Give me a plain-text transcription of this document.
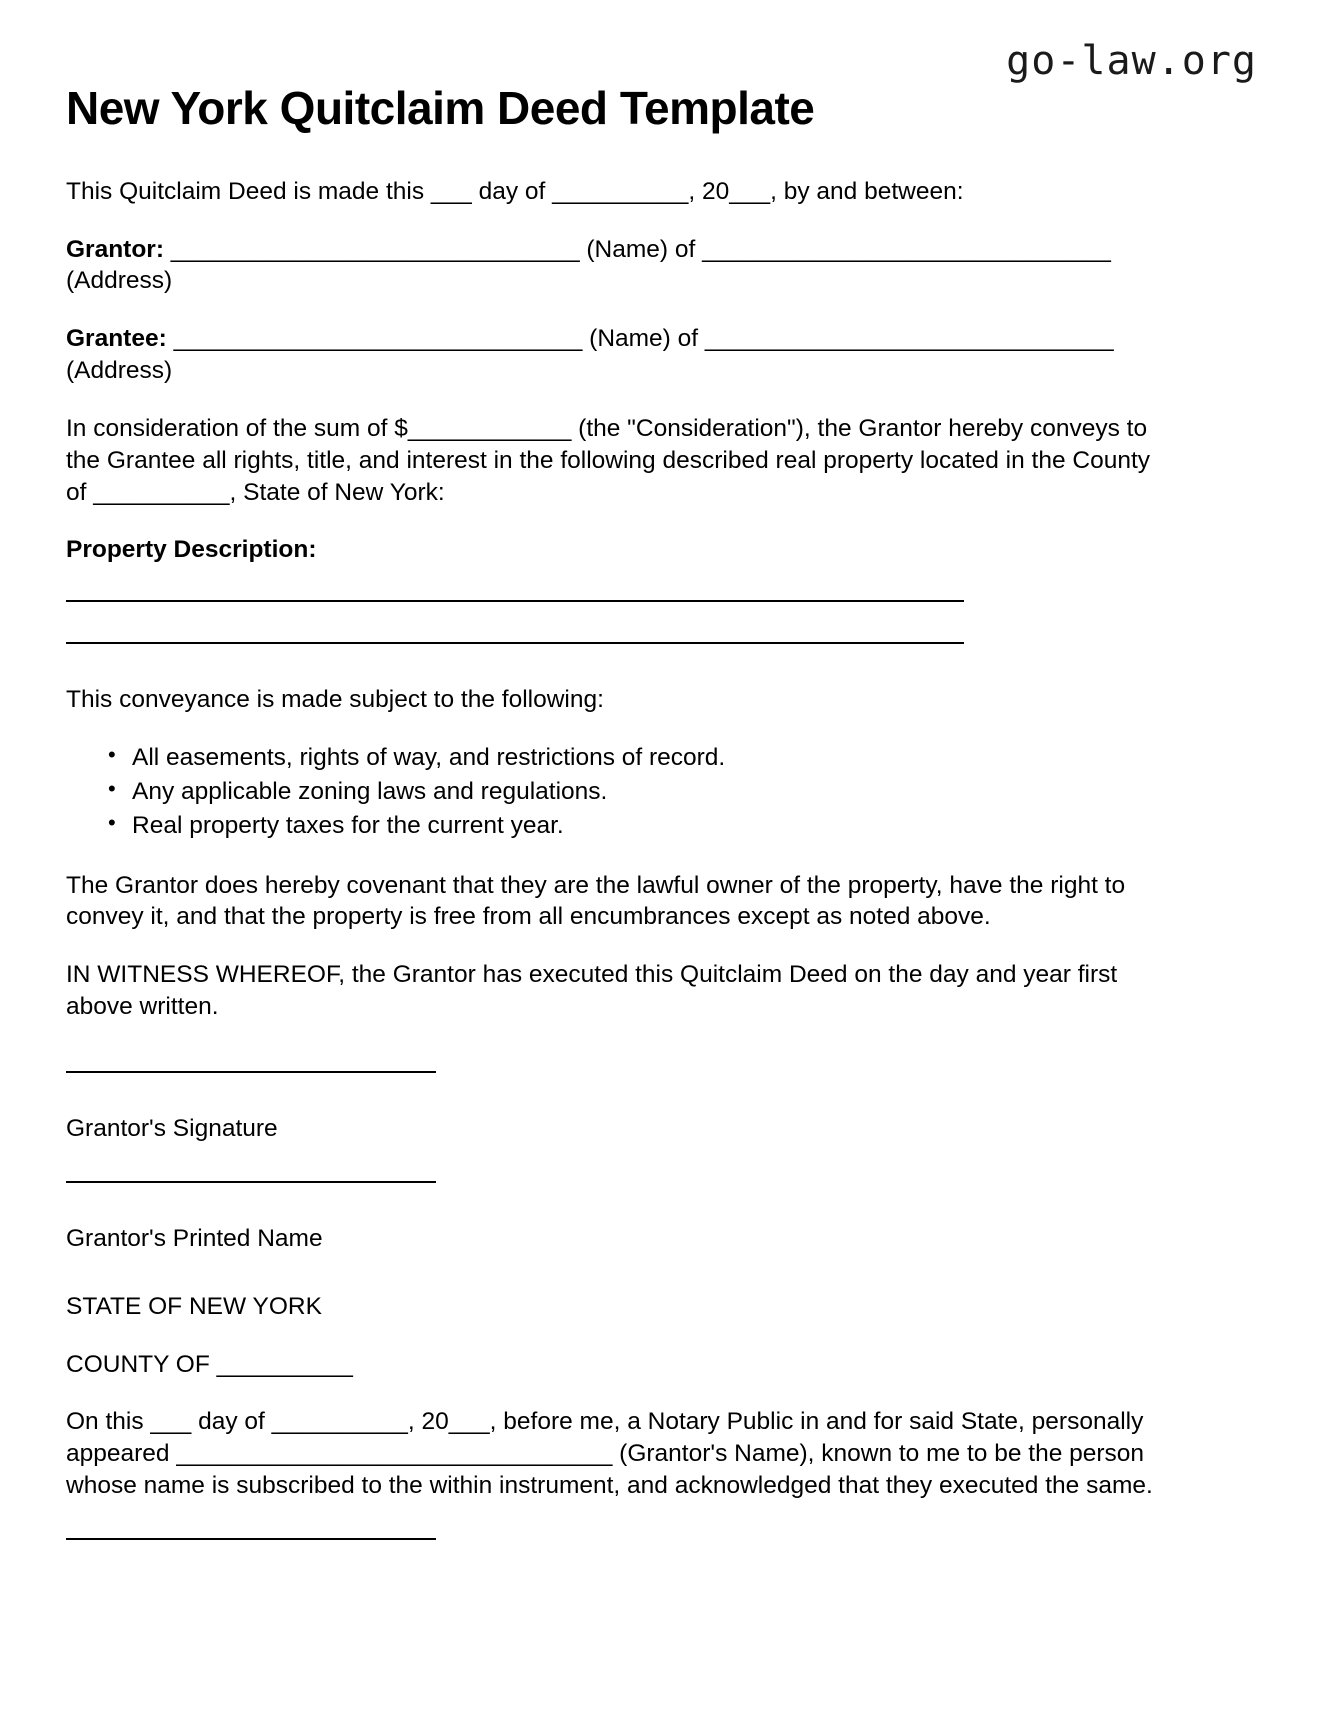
go-law.org
New York Quitclaim Deed Template

This Quitclaim Deed is made this ___ day of __________, 20___, by and between:

Grantor: ______________________________ (Name) of ______________________________
(Address)
Grantee: ______________________________ (Name) of ______________________________
(Address)

In consideration of the sum of $____________ (the "Consideration"), the Grantor hereby conveys to the Grantee all rights, title, and interest in the following described real property located in the County of __________, State of New York:

Property Description:

This conveyance is made subject to the following:

• All easements, rights of way, and restrictions of record.
• Any applicable zoning laws and regulations.
• Real property taxes for the current year.

The Grantor does hereby covenant that they are the lawful owner of the property, have the right to convey it, and that the property is free from all encumbrances except as noted above.

IN WITNESS WHEREOF, the Grantor has executed this Quitclaim Deed on the day and year first above written.

Grantor's Signature
Grantor's Printed Name
STATE OF NEW YORK
COUNTY OF __________

On this ___ day of __________, 20___, before me, a Notary Public in and for said State, personally appeared ________________________________ (Grantor's Name), known to me to be the person whose name is subscribed to the within instrument, and acknowledged that they executed the same.
